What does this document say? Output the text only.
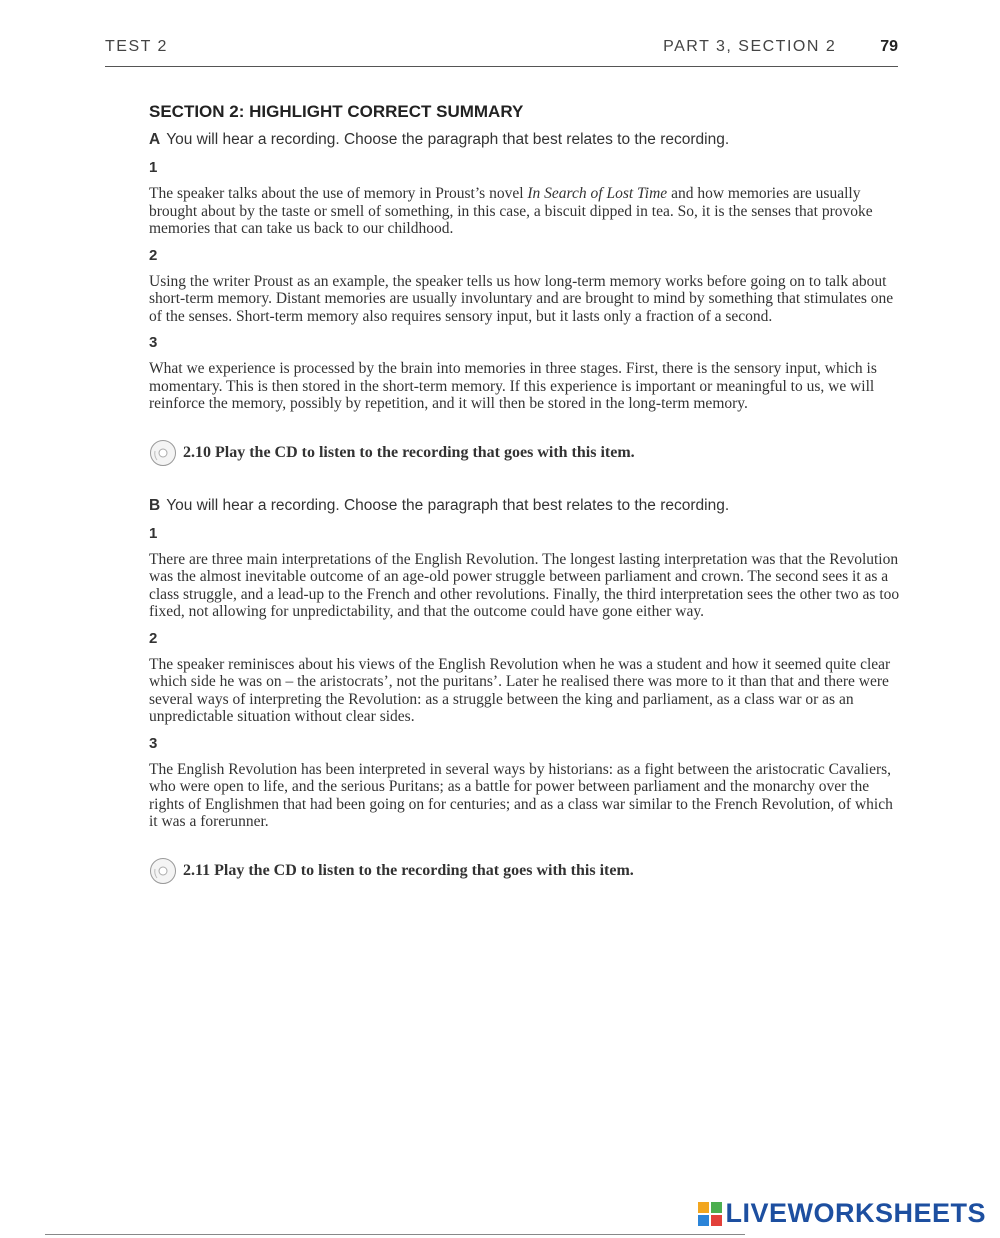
TEST 2	PART 3, SECTION 2	79
SECTION 2: HIGHLIGHT CORRECT SUMMARY
A You will hear a recording. Choose the paragraph that best relates to the recording.
1
The speaker talks about the use of memory in Proust’s novel In Search of Lost Time and how memories are usually brought about by the taste or smell of something, in this case, a biscuit dipped in tea. So, it is the senses that provoke memories that can take us back to our childhood.
2
Using the writer Proust as an example, the speaker tells us how long-term memory works before going on to talk about short-term memory. Distant memories are usually involuntary and are brought to mind by something that stimulates one of the senses. Short-term memory also requires sensory input, but it lasts only a fraction of a second.
3
What we experience is processed by the brain into memories in three stages. First, there is the sensory input, which is momentary. This is then stored in the short-term memory. If this experience is important or meaningful to us, we will reinforce the memory, possibly by repetition, and it will then be stored in the long-term memory.
2.10 Play the CD to listen to the recording that goes with this item.
B You will hear a recording. Choose the paragraph that best relates to the recording.
1
There are three main interpretations of the English Revolution. The longest lasting interpretation was that the Revolution was the almost inevitable outcome of an age-old power struggle between parliament and crown. The second sees it as a class struggle, and a lead-up to the French and other revolutions. Finally, the third interpretation sees the other two as too fixed, not allowing for unpredictability, and that the outcome could have gone either way.
2
The speaker reminisces about his views of the English Revolution when he was a student and how it seemed quite clear which side he was on – the aristocrats’, not the puritans’. Later he realised there was more to it than that and there were several ways of interpreting the Revolution: as a struggle between the king and parliament, as a class war or as an unpredictable situation without clear sides.
3
The English Revolution has been interpreted in several ways by historians: as a fight between the aristocratic Cavaliers, who were open to life, and the serious Puritans; as a battle for power between parliament and the monarchy over the rights of Englishmen that had been going on for centuries; and as a class war similar to the French Revolution, of which it was a forerunner.
2.11 Play the CD to listen to the recording that goes with this item.
LIVEWORKSHEETS
